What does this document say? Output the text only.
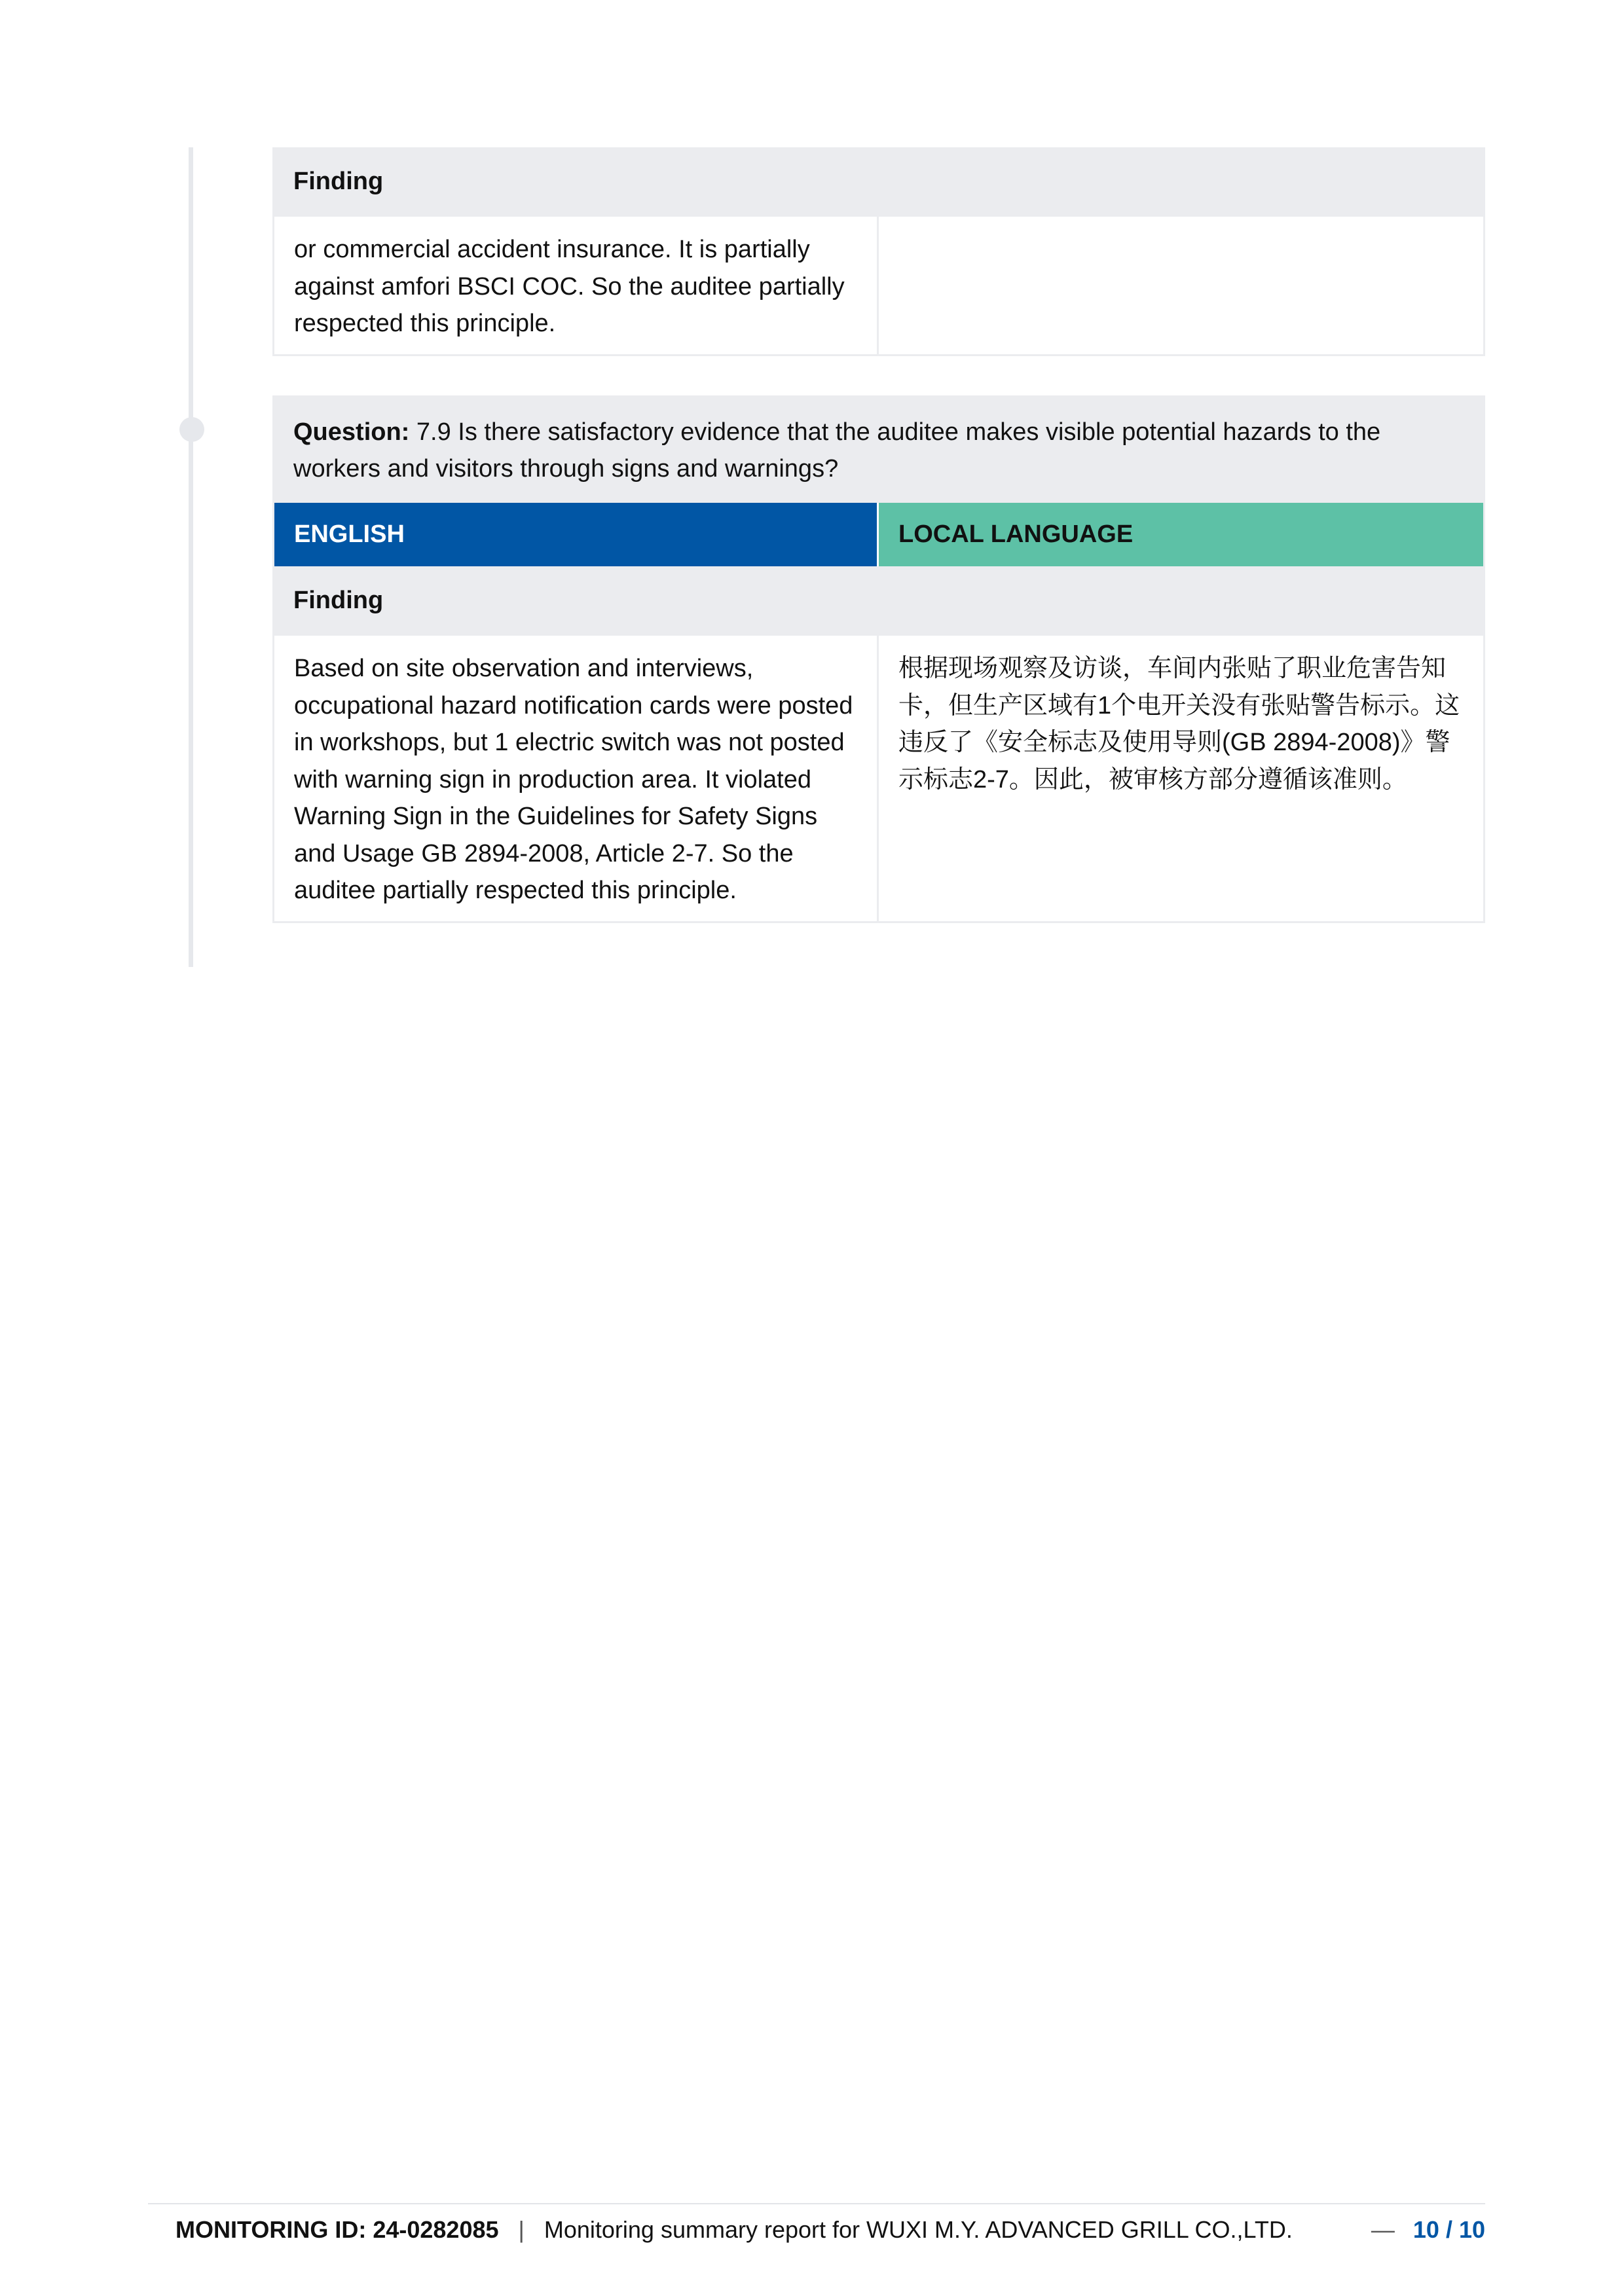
Finding
or commercial accident insurance. It is partially against amfori BSCI COC. So the auditee partially respected this principle.
Question: 7.9 Is there satisfactory evidence that the auditee makes visible potential hazards to the workers and visitors through signs and warnings?
ENGLISH	LOCAL LANGUAGE
Finding
Based on site observation and interviews, occupational hazard notification cards were posted in workshops, but 1 electric switch was not posted with warning sign in production area. It violated Warning Sign in the Guidelines for Safety Signs and Usage GB 2894-2008, Article 2-7. So the auditee partially respected this principle.
根据现场观察及访谈，车间内张贴了职业危害告知卡，但生产区域有1个电开关没有张贴警告标示。这违反了《安全标志及使用导则(GB 2894-2008)》警示标志2-7。因此，被审核方部分遵循该准则。
MONITORING ID: 24-0282085 | Monitoring summary report for WUXI M.Y. ADVANCED GRILL CO.,LTD.	— 10 / 10
